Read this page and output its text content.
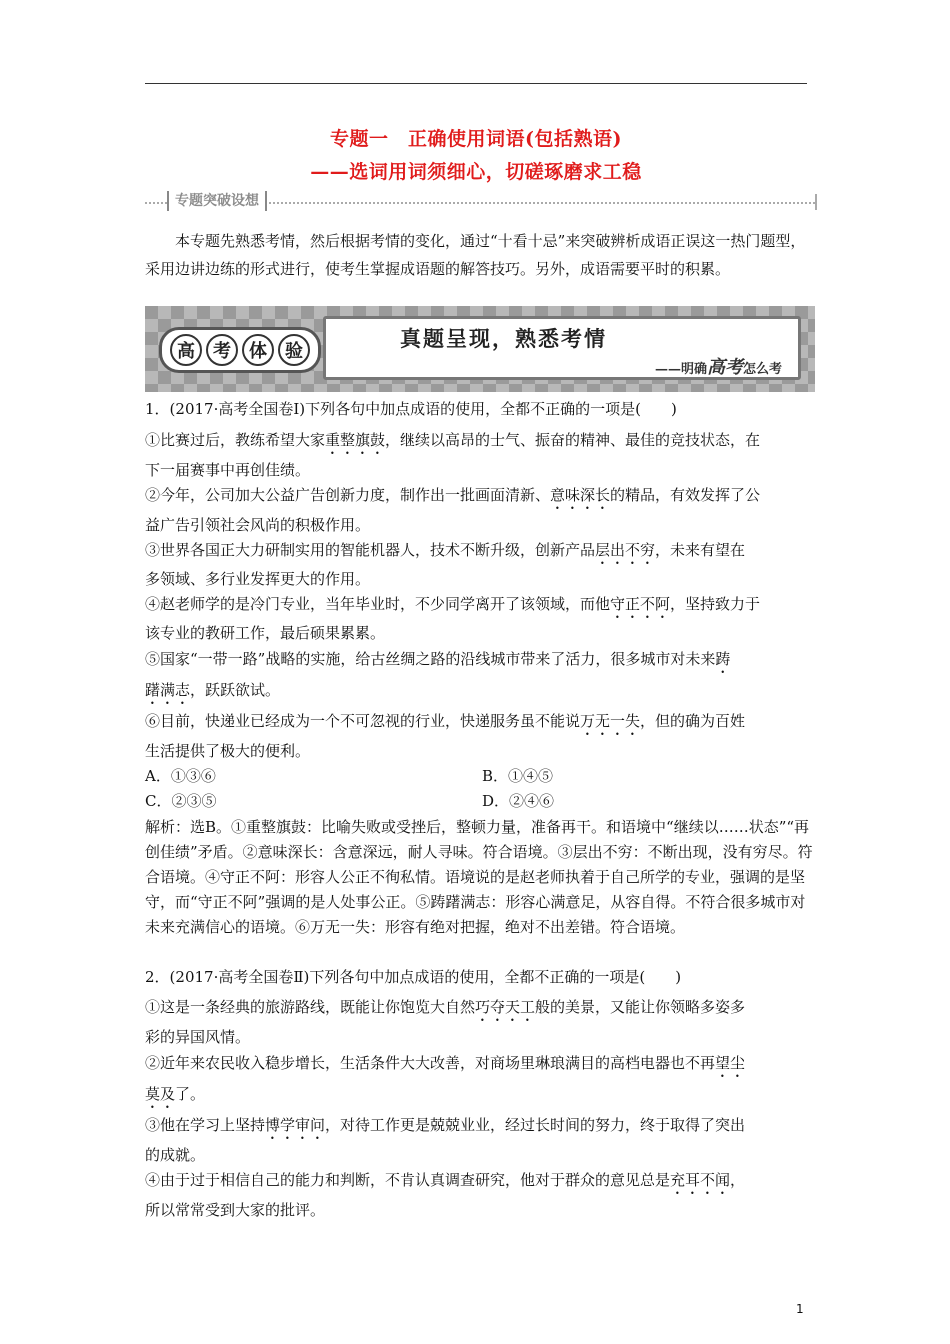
专题一　正确使用词语(包括熟语)
——选词用词须细心，切磋琢磨求工稳
专题突破设想
本专题先熟悉考情，然后根据考情的变化，通过“十看十忌”来突破辨析成语正误这一热门题型，采用边讲边练的形式进行，使考生掌握成语题的解答技巧。另外，成语需要平时的积累。
真题呈现，熟悉考情
——明确高考怎么考
高	考	体	验
1．(2017·高考全国卷Ⅰ)下列各句中加点成语的使用，全都不正确的一项是(　　)
①比赛过后，教练希望大家重整旗鼓，继续以高昂的士气、振奋的精神、最佳的竞技状态，在
下一届赛事中再创佳绩。
②今年，公司加大公益广告创新力度，制作出一批画面清新、意味深长的精品，有效发挥了公
益广告引领社会风尚的积极作用。
③世界各国正大力研制实用的智能机器人，技术不断升级，创新产品层出不穷，未来有望在
多领域、多行业发挥更大的作用。
④赵老师学的是冷门专业，当年毕业时，不少同学离开了该领域，而他守正不阿，坚持致力于
该专业的教研工作，最后硕果累累。
⑤国家“一带一路”战略的实施，给古丝绸之路的沿线城市带来了活力，很多城市对未来踌
躇满志，跃跃欲试。
⑥目前，快递业已经成为一个不可忽视的行业，快递服务虽不能说万无一失，但的确为百姓
生活提供了极大的便利。
A．①③⑥	B．①④⑤
C．②③⑤	D．②④⑥
解析：选B。①重整旗鼓：比喻失败或受挫后，整顿力量，准备再干。和语境中“继续以……状态”“再创佳绩”矛盾。②意味深长：含意深远，耐人寻味。符合语境。③层出不穷：不断出现，没有穷尽。符合语境。④守正不阿：形容人公正不徇私情。语境说的是赵老师执着于自己所学的专业，强调的是坚守，而“守正不阿”强调的是人处事公正。⑤踌躇满志：形容心满意足，从容自得。不符合很多城市对未来充满信心的语境。⑥万无一失：形容有绝对把握，绝对不出差错。符合语境。
2．(2017·高考全国卷Ⅱ)下列各句中加点成语的使用，全都不正确的一项是(　　)
①这是一条经典的旅游路线，既能让你饱览大自然巧夺天工般的美景，又能让你领略多姿多
彩的异国风情。
②近年来农民收入稳步增长，生活条件大大改善，对商场里琳琅满目的高档电器也不再望尘
莫及了。
③他在学习上坚持博学审问，对待工作更是兢兢业业，经过长时间的努力，终于取得了突出
的成就。
④由于过于相信自己的能力和判断，不肯认真调查研究，他对于群众的意见总是充耳不闻，
所以常常受到大家的批评。
1
